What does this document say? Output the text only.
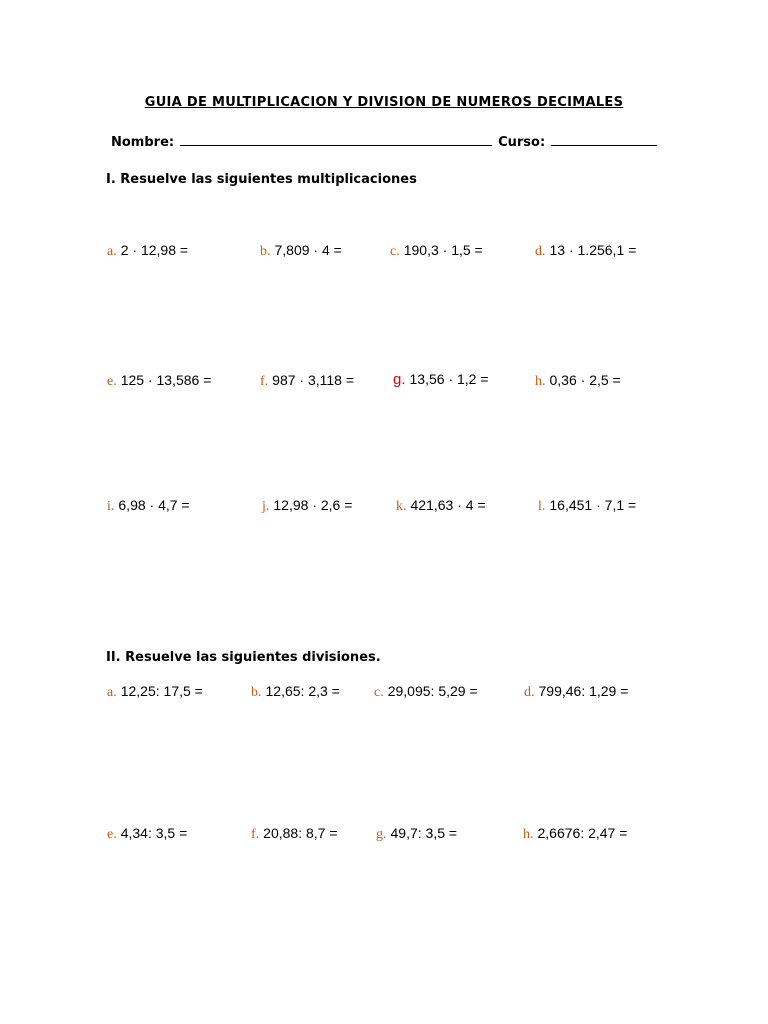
GUIA DE MULTIPLICACION Y DIVISION DE NUMEROS DECIMALES
Nombre:	Curso:
I. Resuelve las siguientes multiplicaciones
a. 2 · 12,98 =	b. 7,809 · 4 =	c. 190,3 · 1,5 =	d. 13 · 1.256,1 =
e. 125 · 13,586 =	f. 987 · 3,118 =	g. 13,56 · 1,2 =	h. 0,36 · 2,5 =
i. 6,98 · 4,7 =	j. 12,98 · 2,6 =	k. 421,63 · 4 =	l. 16,451 · 7,1 =
II. Resuelve las siguientes divisiones.
a. 12,25: 17,5 =	b. 12,65: 2,3 = c. 29,095: 5,29 =	d. 799,46: 1,29 =
e. 4,34: 3,5 =	f. 20,88: 8,7 =	g. 49,7: 3,5 =	h. 2,6676: 2,47 =
